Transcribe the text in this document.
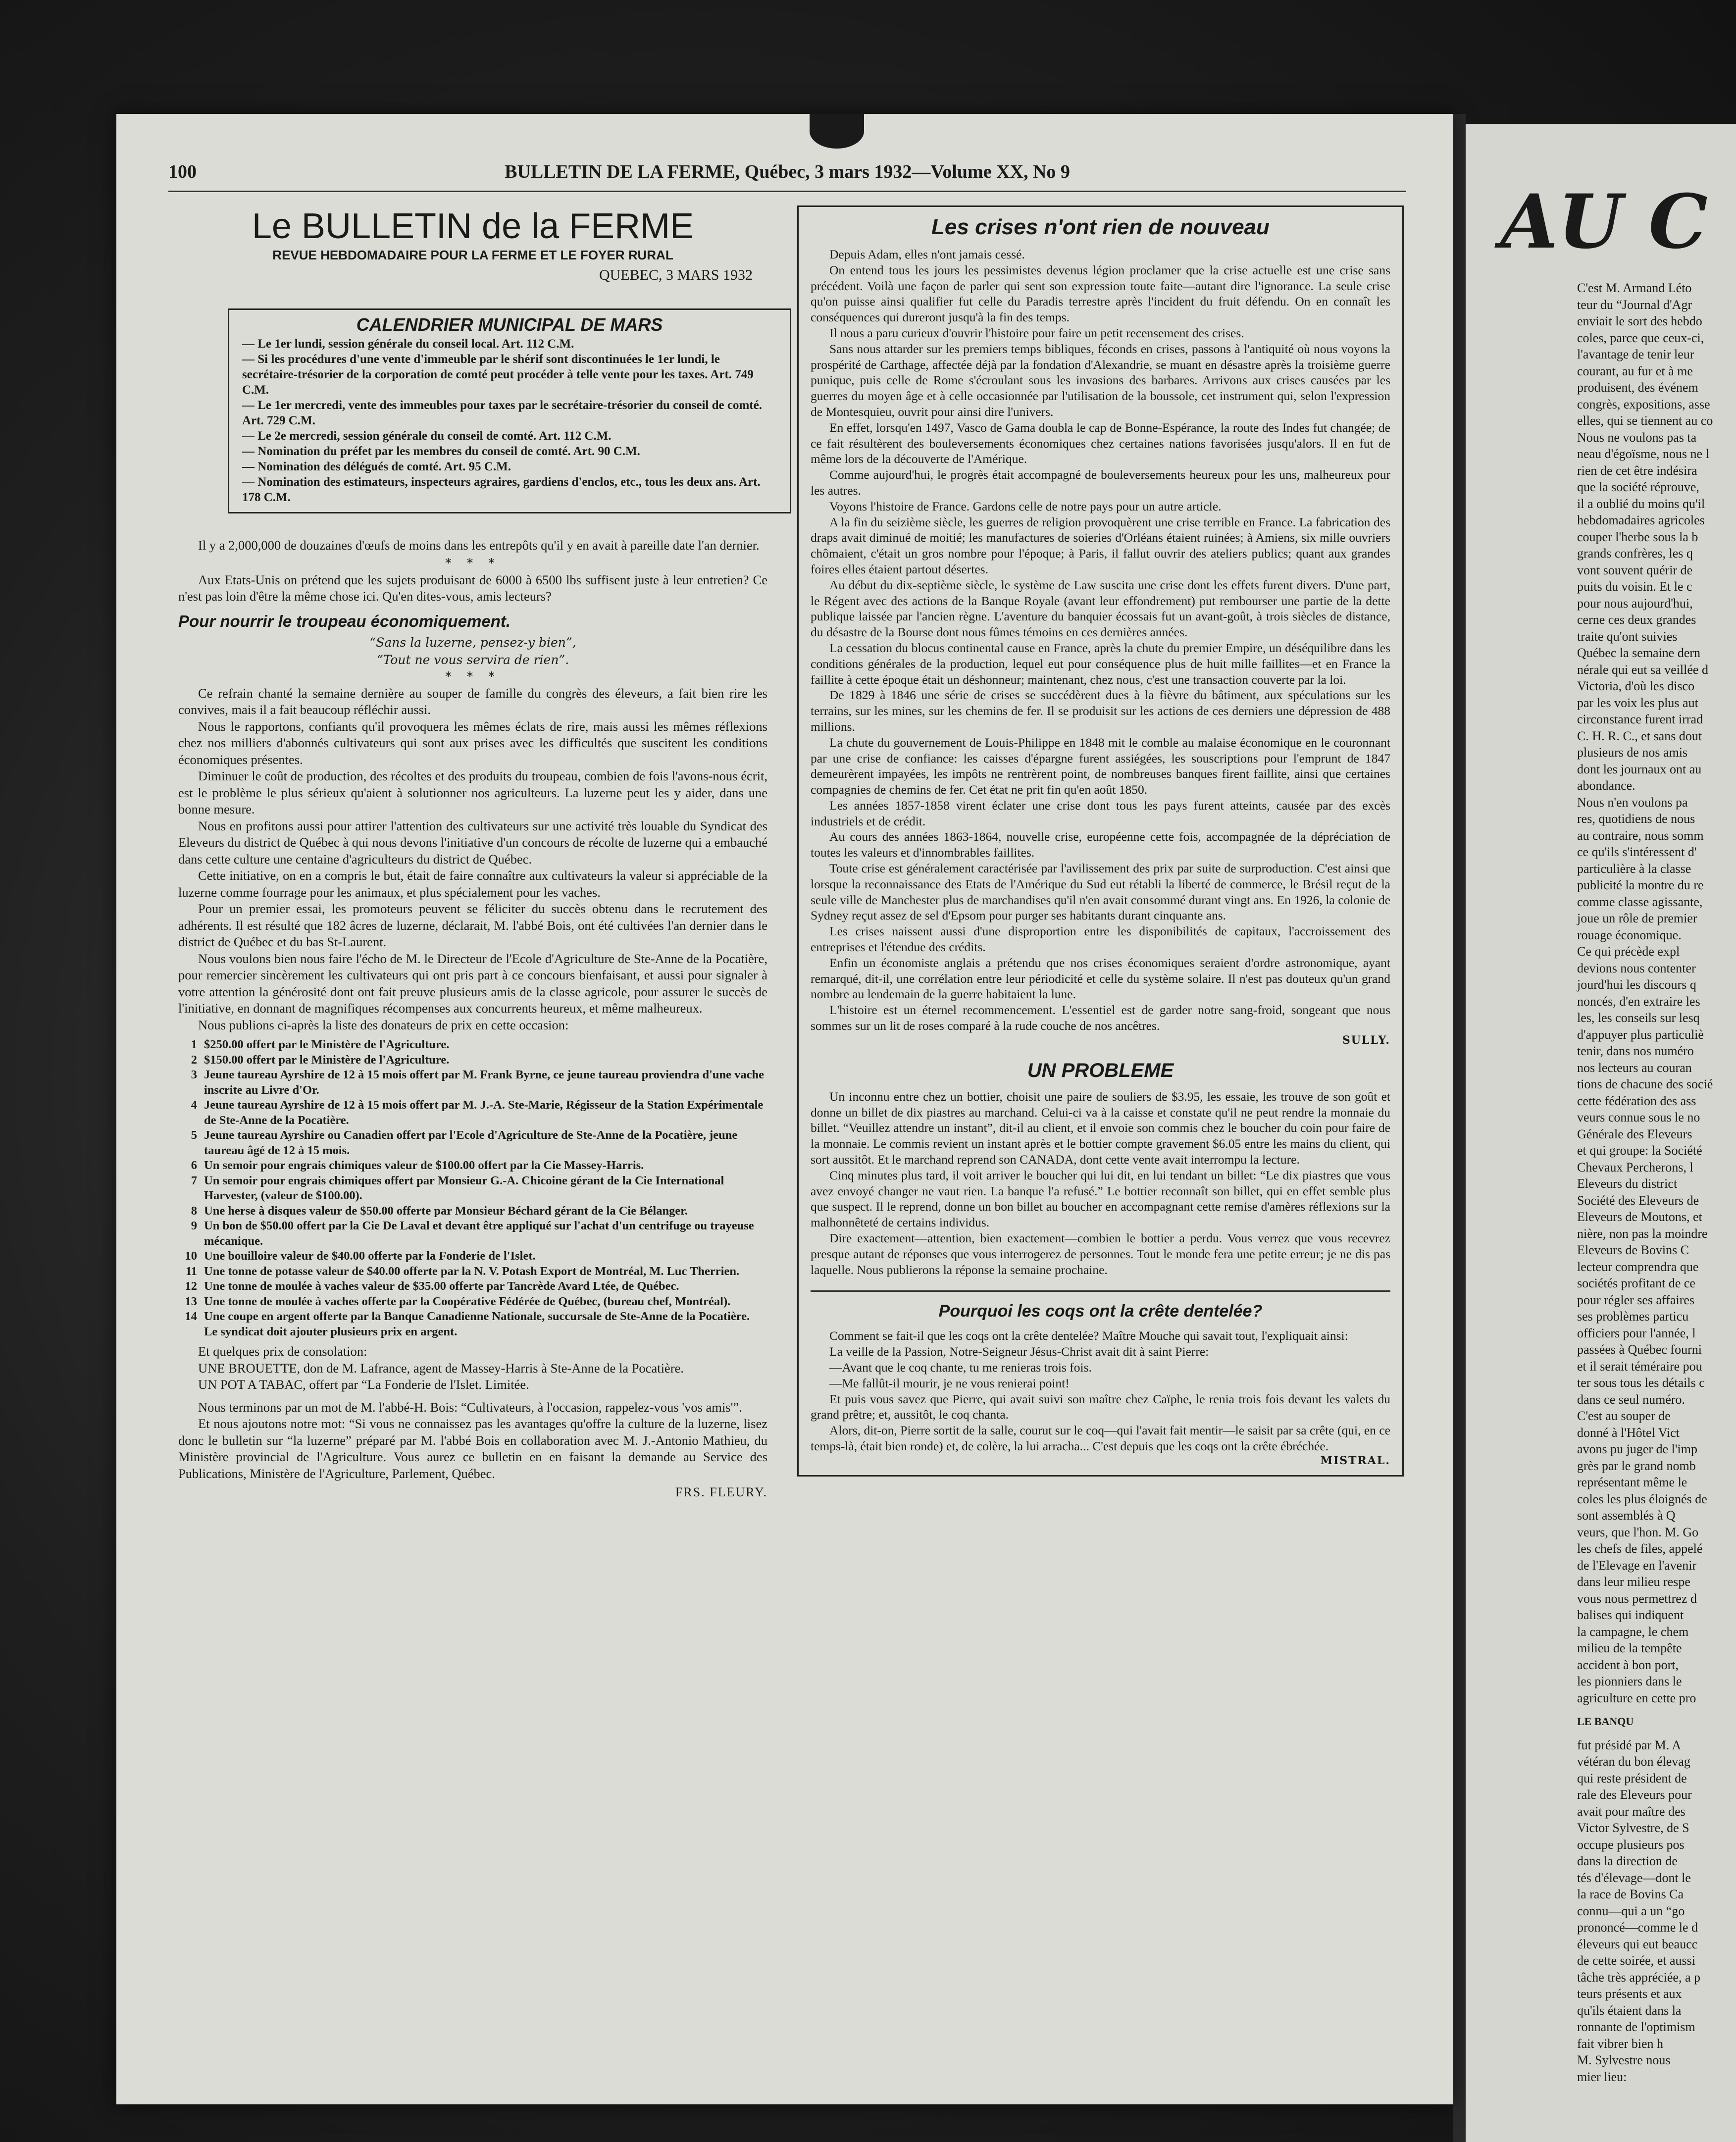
100	BULLETIN DE LA FERME, Québec, 3 mars 1932—Volume XX, No 9
Le BULLETIN de la FERME
REVUE HEBDOMADAIRE POUR LA FERME ET LE FOYER RURAL
QUEBEC, 3 MARS 1932
CALENDRIER MUNICIPAL DE MARS

— Le 1er lundi, session générale du conseil local. Art. 112 C.M.

— Si les procédures d'une vente d'immeuble par le shérif sont discontinuées le 1er lundi, le secrétaire-trésorier de la corporation de comté peut procéder à telle vente pour les taxes. Art. 749 C.M.

— Le 1er mercredi, vente des immeubles pour taxes par le secrétaire-trésorier du conseil de comté. Art. 729 C.M.

— Le 2e mercredi, session générale du conseil de comté. Art. 112 C.M.

— Nomination du préfet par les membres du conseil de comté. Art. 90 C.M.

— Nomination des délégués de comté. Art. 95 C.M.

— Nomination des estimateurs, inspecteurs agraires, gardiens d'enclos, etc., tous les deux ans. Art. 178 C.M.

Il y a 2,000,000 de douzaines d'œufs de moins dans les entrepôts qu'il y en avait à pareille date l'an dernier.

* * *

Aux Etats-Unis on prétend que les sujets produisant de 6000 à 6500 lbs suffisent juste à leur entretien? Ce n'est pas loin d'être la même chose ici. Qu'en dites-vous, amis lecteurs?

Pour nourrir le troupeau économiquement.
“Sans la luzerne, pensez-y bien”,
“Tout ne vous servira de rien”.
* * *

Ce refrain chanté la semaine dernière au souper de famille du congrès des éleveurs, a fait bien rire les convives, mais il a fait beaucoup réfléchir aussi.

Nous le rapportons, confiants qu'il provoquera les mêmes éclats de rire, mais aussi les mêmes réflexions chez nos milliers d'abonnés cultivateurs qui sont aux prises avec les difficultés que suscitent les conditions économiques présentes.

Diminuer le coût de production, des récoltes et des produits du troupeau, combien de fois l'avons-nous écrit, est le problème le plus sérieux qu'aient à solutionner nos agriculteurs. La luzerne peut les y aider, dans une bonne mesure.

Nous en profitons aussi pour attirer l'attention des cultivateurs sur une activité très louable du Syndicat des Eleveurs du district de Québec à qui nous devons l'initiative d'un concours de récolte de luzerne qui a embauché dans cette culture une centaine d'agriculteurs du district de Québec.

Cette initiative, on en a compris le but, était de faire connaître aux cultivateurs la valeur si appréciable de la luzerne comme fourrage pour les animaux, et plus spécialement pour les vaches.

Pour un premier essai, les promoteurs peuvent se féliciter du succès obtenu dans le recrutement des adhérents. Il est résulté que 182 âcres de luzerne, déclarait, M. l'abbé Bois, ont été cultivées l'an dernier dans le district de Québec et du bas St-Laurent.

Nous voulons bien nous faire l'écho de M. le Directeur de l'Ecole d'Agriculture de Ste-Anne de la Pocatière, pour remercier sincèrement les cultivateurs qui ont pris part à ce concours bienfaisant, et aussi pour signaler à votre attention la générosité dont ont fait preuve plusieurs amis de la classe agricole, pour assurer le succès de l'initiative, en donnant de magnifiques récompenses aux concurrents heureux, et même malheureux.

Nous publions ci-après la liste des donateurs de prix en cette occasion:

1 $250.00 offert par le Ministère de l'Agriculture.
2 $150.00 offert par le Ministère de l'Agriculture.
3 Jeune taureau Ayrshire de 12 à 15 mois offert par M. Frank Byrne, ce jeune taureau proviendra d'une vache inscrite au Livre d'Or.
4 Jeune taureau Ayrshire de 12 à 15 mois offert par M. J.-A. Ste-Marie, Régisseur de la Station Expérimentale de Ste-Anne de la Pocatière.
5 Jeune taureau Ayrshire ou Canadien offert par l'Ecole d'Agriculture de Ste-Anne de la Pocatière, jeune taureau âgé de 12 à 15 mois.
6 Un semoir pour engrais chimiques valeur de $100.00 offert par la Cie Massey-Harris.
7 Un semoir pour engrais chimiques offert par Monsieur G.-A. Chicoine gérant de la Cie International Harvester, (valeur de $100.00).
8 Une herse à disques valeur de $50.00 offerte par Monsieur Béchard gérant de la Cie Bélanger.
9 Un bon de $50.00 offert par la Cie De Laval et devant être appliqué sur l'achat d'un centrifuge ou trayeuse mécanique.
10 Une bouilloire valeur de $40.00 offerte par la Fonderie de l'Islet.
11 Une tonne de potasse valeur de $40.00 offerte par la N. V. Potash Export de Montréal, M. Luc Therrien.
12 Une tonne de moulée à vaches valeur de $35.00 offerte par Tancrède Avard Ltée, de Québec.
13 Une tonne de moulée à vaches offerte par la Coopérative Fédérée de Québec, (bureau chef, Montréal).
14 Une coupe en argent offerte par la Banque Canadienne Nationale, succursale de Ste-Anne de la Pocatière.
Le syndicat doit ajouter plusieurs prix en argent.

Et quelques prix de consolation:

UNE BROUETTE, don de M. Lafrance, agent de Massey-Harris à Ste-Anne de la Pocatière.

UN POT A TABAC, offert par “La Fonderie de l'Islet. Limitée.

Nous terminons par un mot de M. l'abbé-H. Bois: “Cultivateurs, à l'occasion, rappelez-vous 'vos amis'”.

Et nous ajoutons notre mot: “Si vous ne connaissez pas les avantages qu'offre la culture de la luzerne, lisez donc le bulletin sur “la luzerne” préparé par M. l'abbé Bois en collaboration avec M. J.-Antonio Mathieu, du Ministère provincial de l'Agriculture. Vous aurez ce bulletin en en faisant la demande au Service des Publications, Ministère de l'Agriculture, Parlement, Québec.

FRS. FLEURY.
Les crises n'ont rien de nouveau

Depuis Adam, elles n'ont jamais cessé.

On entend tous les jours les pessimistes devenus légion proclamer que la crise actuelle est une crise sans précédent. Voilà une façon de parler qui sent son expression toute faite—autant dire l'ignorance. La seule crise qu'on puisse ainsi qualifier fut celle du Paradis terrestre après l'incident du fruit défendu. On en connaît les conséquences qui dureront jusqu'à la fin des temps.

Il nous a paru curieux d'ouvrir l'histoire pour faire un petit recensement des crises.

Sans nous attarder sur les premiers temps bibliques, féconds en crises, passons à l'antiquité où nous voyons la prospérité de Carthage, affectée déjà par la fondation d'Alexandrie, se muant en désastre après la troisième guerre punique, puis celle de Rome s'écroulant sous les invasions des barbares. Arrivons aux crises causées par les guerres du moyen âge et à celle occasionnée par l'utilisation de la boussole, cet instrument qui, selon l'expression de Montesquieu, ouvrit pour ainsi dire l'univers.

En effet, lorsqu'en 1497, Vasco de Gama doubla le cap de Bonne-Espérance, la route des Indes fut changée; de ce fait résultèrent des bouleversements économiques chez certaines nations favorisées jusqu'alors. Il en fut de même lors de la découverte de l'Amérique.

Comme aujourd'hui, le progrès était accompagné de bouleversements heureux pour les uns, malheureux pour les autres.

Voyons l'histoire de France. Gardons celle de notre pays pour un autre article.

A la fin du seizième siècle, les guerres de religion provoquèrent une crise terrible en France. La fabrication des draps avait diminué de moitié; les manufactures de soieries d'Orléans étaient ruinées; à Amiens, six mille ouvriers chômaient, c'était un gros nombre pour l'époque; à Paris, il fallut ouvrir des ateliers publics; quant aux grandes foires elles étaient partout désertes.

Au début du dix-septième siècle, le système de Law suscita une crise dont les effets furent divers. D'une part, le Régent avec des actions de la Banque Royale (avant leur effondrement) put rembourser une partie de la dette publique laissée par l'ancien règne. L'aventure du banquier écossais fut un avant-goût, à trois siècles de distance, du désastre de la Bourse dont nous fûmes témoins en ces dernières années.

La cessation du blocus continental cause en France, après la chute du premier Empire, un déséquilibre dans les conditions générales de la production, lequel eut pour conséquence plus de huit mille faillites—et en France la faillite à cette époque était un déshonneur; maintenant, chez nous, c'est une transaction couverte par la loi.

De 1829 à 1846 une série de crises se succédèrent dues à la fièvre du bâtiment, aux spéculations sur les terrains, sur les mines, sur les chemins de fer. Il se produisit sur les actions de ces derniers une dépression de 488 millions.

La chute du gouvernement de Louis-Philippe en 1848 mit le comble au malaise économique en le couronnant par une crise de confiance: les caisses d'épargne furent assiégées, les souscriptions pour l'emprunt de 1847 demeurèrent impayées, les impôts ne rentrèrent point, de nombreuses banques firent faillite, ainsi que certaines compagnies de chemins de fer. Cet état ne prit fin qu'en août 1850.

Les années 1857-1858 virent éclater une crise dont tous les pays furent atteints, causée par des excès industriels et de crédit.

Au cours des années 1863-1864, nouvelle crise, européenne cette fois, accompagnée de la dépréciation de toutes les valeurs et d'innombrables faillites.

Toute crise est généralement caractérisée par l'avilissement des prix par suite de surproduction. C'est ainsi que lorsque la reconnaissance des Etats de l'Amérique du Sud eut rétabli la liberté de commerce, le Brésil reçut de la seule ville de Manchester plus de marchandises qu'il n'en avait consommé durant vingt ans. En 1926, la colonie de Sydney reçut assez de sel d'Epsom pour purger ses habitants durant cinquante ans.

Les crises naissent aussi d'une disproportion entre les disponibilités de capitaux, l'accroissement des entreprises et l'étendue des crédits.

Enfin un économiste anglais a prétendu que nos crises économiques seraient d'ordre astronomique, ayant remarqué, dit-il, une corrélation entre leur périodicité et celle du système solaire. Il n'est pas douteux qu'un grand nombre au lendemain de la guerre habitaient la lune.

L'histoire est un éternel recommencement. L'essentiel est de garder notre sang-froid, songeant que nous sommes sur un lit de roses comparé à la rude couche de nos ancêtres.

SULLY.
UN PROBLEME

Un inconnu entre chez un bottier, choisit une paire de souliers de $3.95, les essaie, les trouve de son goût et donne un billet de dix piastres au marchand. Celui-ci va à la caisse et constate qu'il ne peut rendre la monnaie du billet. “Veuillez attendre un instant”, dit-il au client, et il envoie son commis chez le boucher du coin pour faire de la monnaie. Le commis revient un instant après et le bottier compte gravement $6.05 entre les mains du client, qui sort aussitôt. Et le marchand reprend son CANADA, dont cette vente avait interrompu la lecture.

Cinq minutes plus tard, il voit arriver le boucher qui lui dit, en lui tendant un billet: “Le dix piastres que vous avez envoyé changer ne vaut rien. La banque l'a refusé.” Le bottier reconnaît son billet, qui en effet semble plus que suspect. Il le reprend, donne un bon billet au boucher en accompagnant cette remise d'amères réflexions sur la malhonnêteté de certains individus.

Dire exactement—attention, bien exactement—combien le bottier a perdu. Vous verrez que vous recevrez presque autant de réponses que vous interrogerez de personnes. Tout le monde fera une petite erreur; je ne dis pas laquelle. Nous publierons la réponse la semaine prochaine.

Pourquoi les coqs ont la crête dentelée?

Comment se fait-il que les coqs ont la crête dentelée? Maître Mouche qui savait tout, l'expliquait ainsi:

La veille de la Passion, Notre-Seigneur Jésus-Christ avait dit à saint Pierre:

—Avant que le coq chante, tu me renieras trois fois.

—Me fallût-il mourir, je ne vous renierai point!

Et puis vous savez que Pierre, qui avait suivi son maître chez Caïphe, le renia trois fois devant les valets du grand prêtre; et, aussitôt, le coq chanta.

Alors, dit-on, Pierre sortit de la salle, courut sur le coq—qui l'avait fait mentir—le saisit par sa crête (qui, en ce temps-là, était bien ronde) et, de colère, la lui arracha... C'est depuis que les coqs ont la crête ébréchée.

MISTRAL.
AU C

C'est M. Armand Léto

teur du “Journal d'Agr

enviait le sort des hebdo

coles, parce que ceux-ci,

l'avantage de tenir leur

courant, au fur et à me

produisent, des événem

congrès, expositions, asse

elles, qui se tiennent au co

Nous ne voulons pas ta

neau d'égoïsme, nous ne l

rien de cet être indésira

que la société réprouve,

il a oublié du moins qu'il

hebdomadaires agricoles

couper l'herbe sous la b

grands confrères, les q

vont souvent quérir de

puits du voisin. Et le c

pour nous aujourd'hui,

cerne ces deux grandes

traite qu'ont suivies

Québec la semaine dern

nérale qui eut sa veillée d

Victoria, d'où les disco

par les voix les plus aut

circonstance furent irrad

C. H. R. C., et sans dout

plusieurs de nos amis

dont les journaux ont au

abondance.

Nous n'en voulons pa

res, quotidiens de nous

au contraire, nous somm

ce qu'ils s'intéressent d'

particulière à la classe

publicité la montre du re

comme classe agissante,

joue un rôle de premier

rouage économique.

Ce qui précède expl

devions nous contenter

jourd'hui les discours q

noncés, d'en extraire les

les, les conseils sur lesq

d'appuyer plus particuliè

tenir, dans nos numéro

nos lecteurs au couran

tions de chacune des socié

cette fédération des ass

veurs connue sous le no

Générale des Eleveurs

et qui groupe: la Société

Chevaux Percherons, l

Eleveurs du district

Société des Eleveurs de

Eleveurs de Moutons, et

nière, non pas la moindre

Eleveurs de Bovins C

lecteur comprendra que

sociétés profitant de ce

pour régler ses affaires

ses problèmes particu

officiers pour l'année, l

passées à Québec fourni

et il serait téméraire pou

ter sous tous les détails c

dans ce seul numéro.

C'est au souper de

donné à l'Hôtel Vict

avons pu juger de l'imp

grès par le grand nomb

représentant même le

coles les plus éloignés de

sont assemblés à Q

veurs, que l'hon. M. Go

les chefs de files, appelé

de l'Elevage en l'avenir

dans leur milieu respe

vous nous permettrez d

balises qui indiquent

la campagne, le chem

milieu de la tempête

accident à bon port,

les pionniers dans le

agriculture en cette pro

LE BANQU

fut présidé par M. A

vétéran du bon élevag

qui reste président de

rale des Eleveurs pour

avait pour maître des

Victor Sylvestre, de S

occupe plusieurs pos

dans la direction de

tés d'élevage—dont le

la race de Bovins Ca

connu—qui a un “go

prononcé—comme le d

éleveurs qui eut beaucc

de cette soirée, et aussi

tâche très appréciée, a p

teurs présents et aux

qu'ils étaient dans la

ronnante de l'optimism

fait vibrer bien h

M. Sylvestre nous

mier lieu:
